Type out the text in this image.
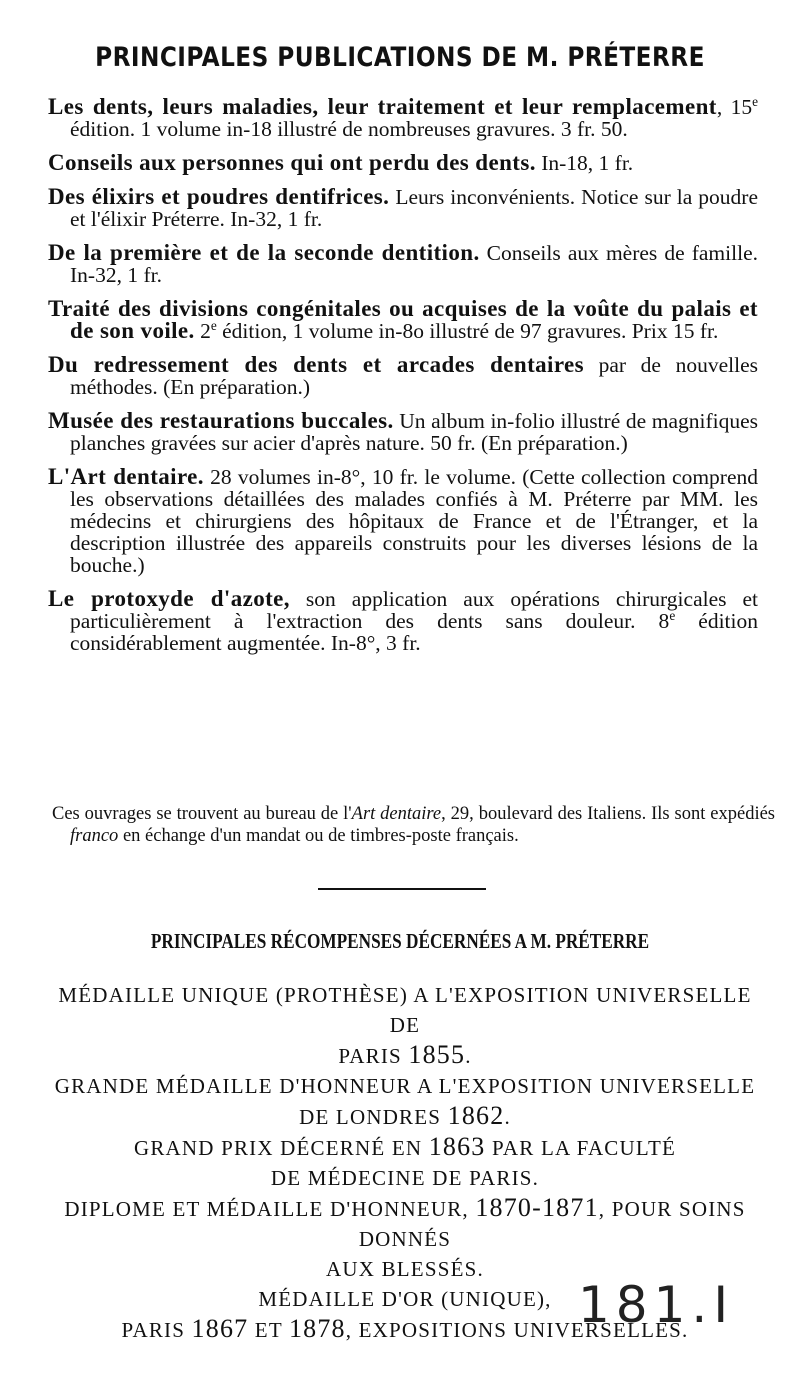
PRINCIPALES PUBLICATIONS DE M. PRÉTERRE
Les dents, leurs maladies, leur traitement et leur remplacement, 15e édition. 1 volume in-18 illustré de nombreuses gravures. 3 fr. 50.
Conseils aux personnes qui ont perdu des dents. In-18, 1 fr.
Des élixirs et poudres dentifrices. Leurs inconvénients. Notice sur la poudre et l'élixir Préterre. In-32, 1 fr.
De la première et de la seconde dentition. Conseils aux mères de famille. In-32, 1 fr.
Traité des divisions congénitales ou acquises de la voûte du palais et de son voile. 2e édition, 1 volume in-8o illustré de 97 gravures. Prix 15 fr.
Du redressement des dents et arcades dentaires par de nouvelles méthodes. (En préparation.)
Musée des restaurations buccales. Un album in-folio illustré de magnifiques planches gravées sur acier d'après nature. 50 fr. (En préparation.)
L'Art dentaire. 28 volumes in-8°, 10 fr. le volume. (Cette collection comprend les observations détaillées des malades confiés à M. Préterre par MM. les médecins et chirurgiens des hôpitaux de France et de l'Étranger, et la description illustrée des appareils construits pour les diverses lésions de la bouche.)
Le protoxyde d'azote, son application aux opérations chirurgicales et particulièrement à l'extraction des dents sans douleur. 8e édition considérablement augmentée. In-8°, 3 fr.
Ces ouvrages se trouvent au bureau de l'Art dentaire, 29, boulevard des Italiens. Ils sont expédiés franco en échange d'un mandat ou de timbres-poste français.
PRINCIPALES RÉCOMPENSES DÉCERNÉES A M. PRÉTERRE

MÉDAILLE UNIQUE (PROTHÈSE) A L'EXPOSITION UNIVERSELLE DE

PARIS 1855.

GRANDE MÉDAILLE D'HONNEUR A L'EXPOSITION UNIVERSELLE

DE LONDRES 1862.

GRAND PRIX DÉCERNÉ EN 1863 PAR LA FACULTÉ

DE MÉDECINE DE PARIS.

DIPLOME ET MÉDAILLE D'HONNEUR, 1870-1871, POUR SOINS DONNÉS

AUX BLESSÉS.

MÉDAILLE D'OR (UNIQUE),

PARIS 1867 ET 1878, EXPOSITIONS UNIVERSELLES.

181.I
